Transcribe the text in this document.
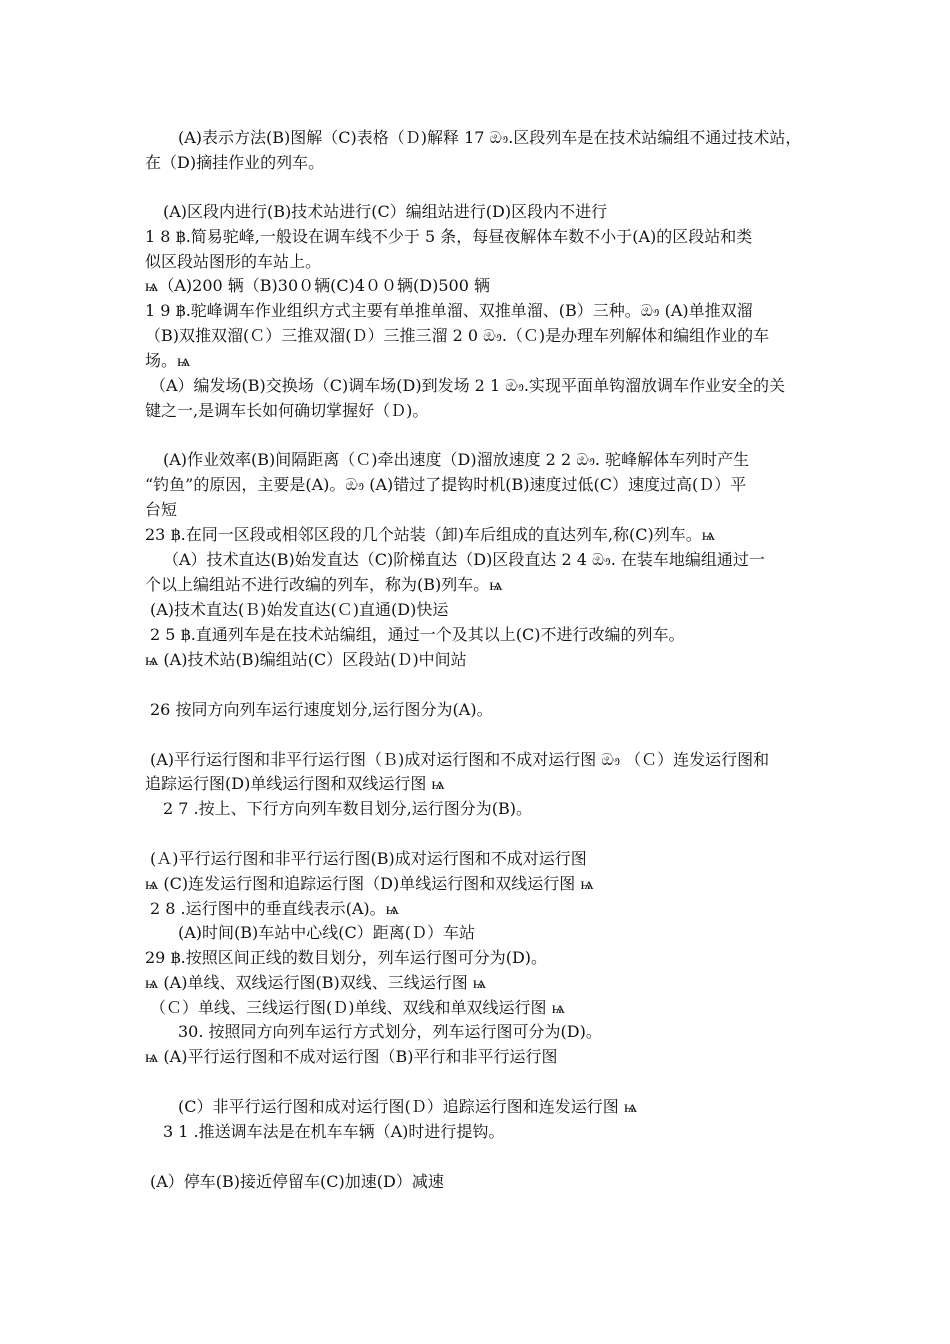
(A)表示方法(B)图解（C)表格（Ｄ)解释 17 ඖ.区段列车是在技术站编组不通过技术站，
在（D)摘挂作业的列车。
(A)区段内进行(B)技术站进行(C）编组站进行(D)区段内不进行
1 8 ฿.简易驼峰,一般设在调车线不少于 5 条，每昼夜解体车数不小于(A)的区段站和类
似区段站图形的车站上。
ѩ（A)200 辆（B)30０辆(C)4００辆(D)500 辆
1 9 ฿.驼峰调车作业组织方式主要有单推单溜、双推单溜、(B）三种。ඖ (A)单推双溜
（B)双推双溜(Ｃ）三推双溜(Ｄ）三推三溜 2 0 ඖ.（Ｃ)是办理车列解体和编组作业的车
场。ѩ
（A）编发场(B)交换场（C)调车场(D)到发场 2 1 ඖ.实现平面单钩溜放调车作业安全的关
键之一,是调车长如何确切掌握好（Ｄ)。
(A)作业效率(B)间隔距离（Ｃ)牵出速度（D)溜放速度 2 2 ඖ. 驼峰解体车列时产生
“钓鱼”的原因，主要是(A)。ඖ (A)错过了提钩时机(B)速度过低(C）速度过高(Ｄ）平
台短
23 ฿.在同一区段或相邻区段的几个站装（卸)车后组成的直达列车,称(C)列车。ѩ
（A）技术直达(B)始发直达（C)阶梯直达（D)区段直达 2 4 ඖ. 在装车地编组通过一
个以上编组站不进行改编的列车，称为(B)列车。ѩ
(A)技术直达(Ｂ)始发直达(Ｃ)直通(D)快运
2 5 ฿.直通列车是在技术站编组，通过一个及其以上(C)不进行改编的列车。
ѩ (A)技术站(B)编组站(C）区段站(Ｄ)中间站
26 按同方向列车运行速度划分,运行图分为(A)。
(A)平行运行图和非平行运行图（Ｂ)成对运行图和不成对运行图 ඖ （Ｃ）连发运行图和
追踪运行图(D)单线运行图和双线运行图 ѩ
2 7 .按上、下行方向列车数目划分,运行图分为(B)。
(Ａ)平行运行图和非平行运行图(B)成对运行图和不成对运行图
ѩ (C)连发运行图和追踪运行图（D)单线运行图和双线运行图 ѩ
2 8 .运行图中的垂直线表示(A)。ѩ
(A)时间(B)车站中心线(C）距离(Ｄ）车站
29 ฿.按照区间正线的数目划分，列车运行图可分为(D)。
ѩ (A)单线、双线运行图(B)双线、三线运行图 ѩ
（Ｃ）单线、三线运行图(Ｄ)单线、双线和单双线运行图 ѩ
30. 按照同方向列车运行方式划分，列车运行图可分为(D)。
ѩ (A)平行运行图和不成对运行图（B)平行和非平行运行图
(C）非平行运行图和成对运行图(Ｄ）追踪运行图和连发运行图 ѩ
3 1 .推送调车法是在机车车辆（A)时进行提钩。
(A）停车(B)接近停留车(C)加速(D）减速
